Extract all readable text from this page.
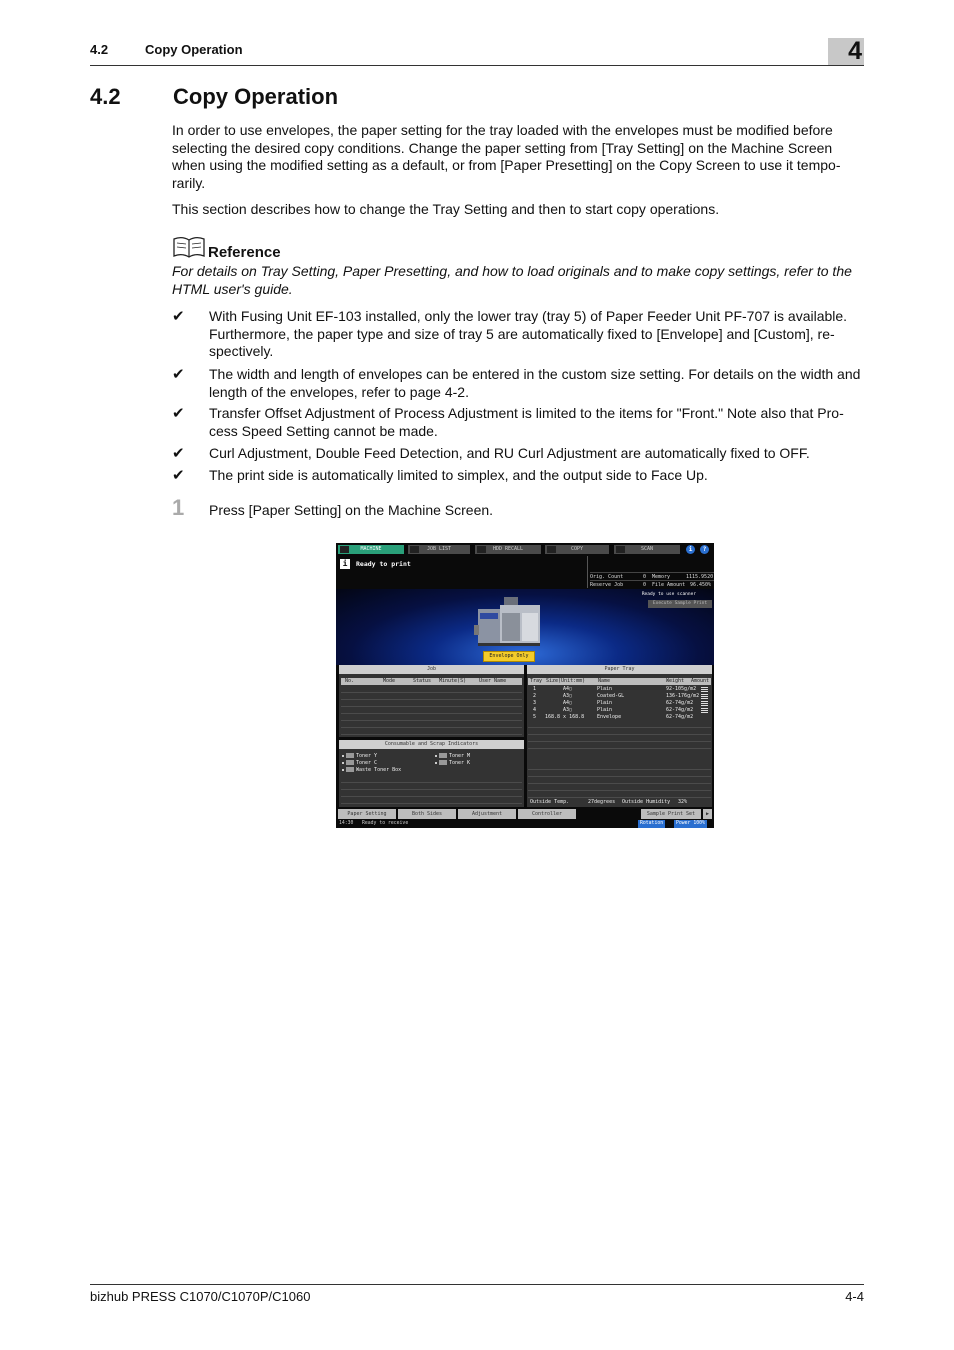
4.2	Copy Operation	4
4.2 Copy Operation
In order to use envelopes, the paper setting for the tray loaded with the envelopes must be modified before selecting the desired copy conditions. Change the paper setting from [Tray Setting] on the Machine Screen when using the modified setting as a default, or from [Paper Presetting] on the Copy Screen to use it tempo-rarily.
This section describes how to change the Tray Setting and then to start copy operations.
Reference
For details on Tray Setting, Paper Presetting, and how to load originals and to make copy settings, refer to the HTML user's guide.
✔ With Fusing Unit EF-103 installed, only the lower tray (tray 5) of Paper Feeder Unit PF-707 is available. Furthermore, the paper type and size of tray 5 are automatically fixed to [Envelope] and [Custom], re-spectively.
✔ The width and length of envelopes can be entered in the custom size setting. For details on the width and length of the envelopes, refer to page 4-2.
✔ Transfer Offset Adjustment of Process Adjustment is limited to the items for "Front." Note also that Pro-cess Speed Setting cannot be made.
✔ Curl Adjustment, Double Feed Detection, and RU Curl Adjustment are automatically fixed to OFF.
✔ The print side is automatically limited to simplex, and the output side to Face Up.
1 Press [Paper Setting] on the Machine Screen.
MACHINE	JOB LIST	HDD RECALL	COPY	SCAN	i	?
i Ready to print
Orig. Count	0 Memory	1115.9520
Reserve Job	0 File Amount 96.450%
Ready to use scanner
Execute Sample Print
Envelope Only
Job
No.	Mode	Status Minute(S)	User Name
Paper Tray
Tray Size(Unit:mm)	Name	Weight Amount
1	A4▢	Plain	92-105g/m2
2	A3▢	Coated-GL	136-176g/m2
3	A4▢	Plain	62-74g/m2
4	A3▢	Plain	62-74g/m2
5 168.8 x 168.8	Envelope	62-74g/m2
Outside Temp.	27degrees Outside Humidity 32%
Consumable and Scrap Indicators
Toner Y	Toner M
Toner C	Toner K
Waste Toner Box
Paper Setting	Both Sides	Adjustment	Controller	Sample Print Set	▶
14:30 Ready to receive	Rotation	Power 100%
bizhub PRESS C1070/C1070P/C1060	4-4
